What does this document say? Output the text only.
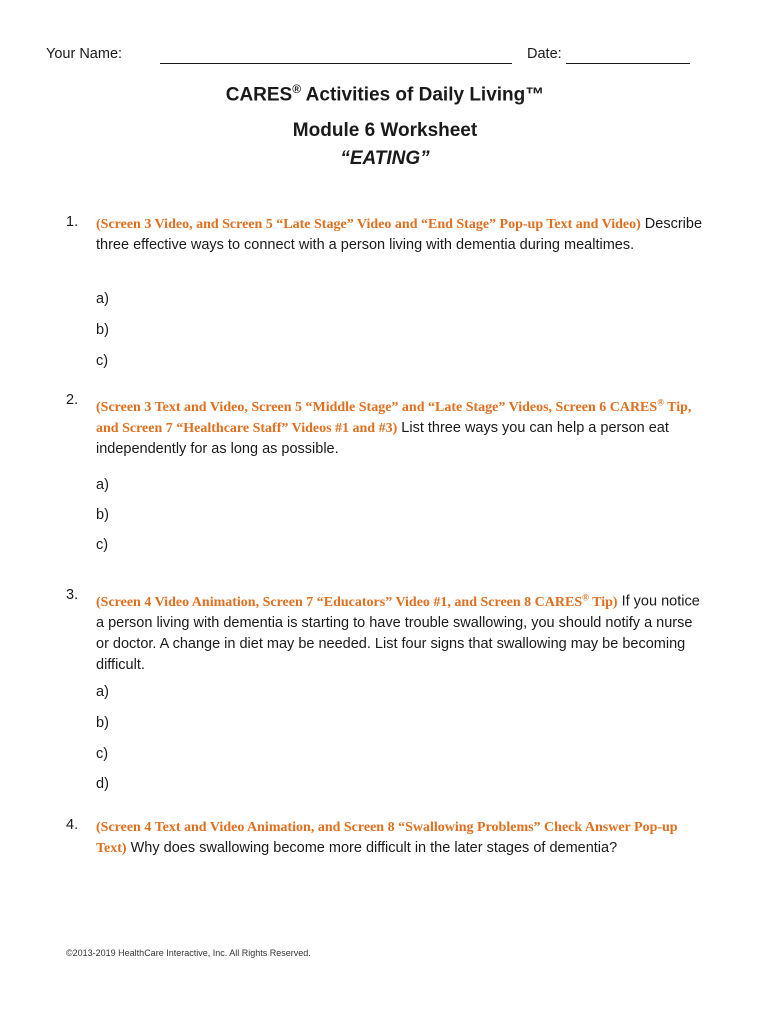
Your Name:	Date:
CARES® Activities of Daily Living™
Module 6 Worksheet
“EATING”
1. (Screen 3 Video, and Screen 5 “Late Stage” Video and “End Stage” Pop-up Text and Video) Describe three effective ways to connect with a person living with dementia during mealtimes.
a)
b)
c)
2. (Screen 3 Text and Video, Screen 5 “Middle Stage” and “Late Stage” Videos, Screen 6 CARES® Tip, and Screen 7 “Healthcare Staff” Videos #1 and #3) List three ways you can help a person eat independently for as long as possible.
a)
b)
c)
3. (Screen 4 Video Animation, Screen 7 “Educators” Video #1, and Screen 8 CARES® Tip) If you notice a person living with dementia is starting to have trouble swallowing, you should notify a nurse or doctor. A change in diet may be needed. List four signs that swallowing may be becoming difficult.
a)
b)
c)
d)
4. (Screen 4 Text and Video Animation, and Screen 8 “Swallowing Problems” Check Answer Pop-up Text) Why does swallowing become more difficult in the later stages of dementia?
©2013-2019 HealthCare Interactive, Inc. All Rights Reserved.
